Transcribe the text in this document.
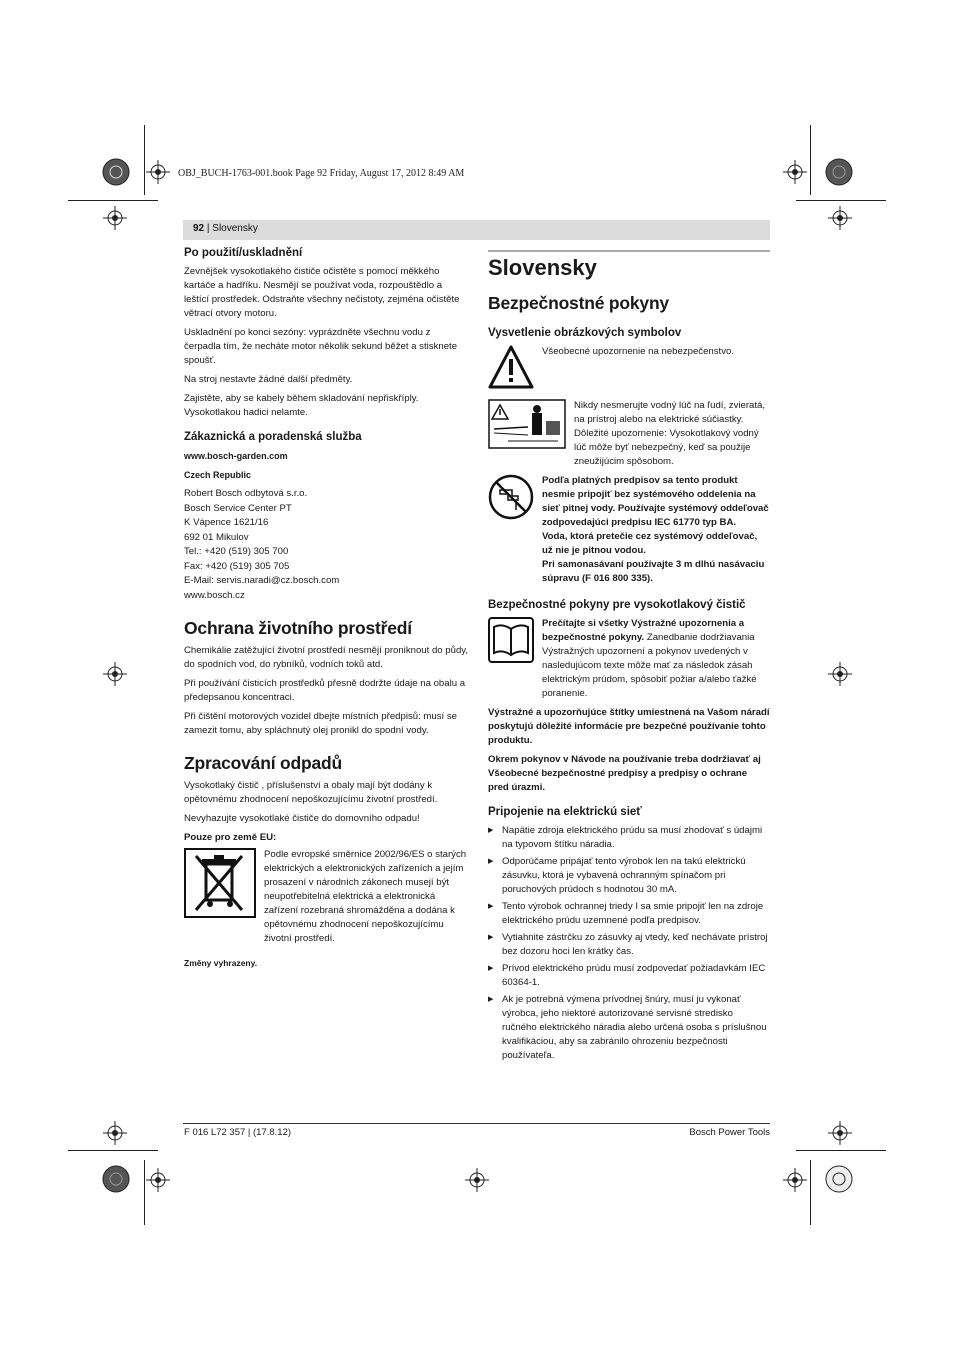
OBJ_BUCH-1763-001.book Page 92 Friday, August 17, 2012 8:49 AM
92 | Slovensky
Po použití/uskladnění
Zevnějšek vysokotlakého čističe očistěte s pomocí měkkého kartáče a hadříku. Nesmějí se používat voda, rozpouštědlo a leštící prostředek. Odstraňte všechny nečistoty, zejména očistěte větrací otvory motoru.
Uskladnění po konci sezóny: vyprázdněte všechnu vodu z čerpadla tím, že necháte motor několik sekund běžet a stisknete spoušť.
Na stroj nestavte žádné další předměty.
Zajistěte, aby se kabely během skladování nepřiskříply. Vysokotlakou hadici nelamte.
Zákaznická a poradenská služba
www.bosch-garden.com
Czech Republic
Robert Bosch odbytová s.r.o.
Bosch Service Center PT
K Vápence 1621/16
692 01 Mikulov
Tel.: +420 (519) 305 700
Fax: +420 (519) 305 705
E-Mail: servis.naradi@cz.bosch.com
www.bosch.cz
Ochrana životního prostředí
Chemikálie zatěžující životní prostředí nesmějí proniknout do půdy, do spodních vod, do rybníků, vodních toků atd.
Při používání čisticích prostředků přesně dodržte údaje na obalu a předepsanou koncentraci.
Při čištění motorových vozidel dbejte místních předpisů: musí se zamezit tomu, aby spláchnutý olej pronikl do spodní vody.
Zpracování odpadů
Vysokotlaký čistič , příslušenství a obaly mají být dodány k opětovnému zhodnocení nepoškozujícímu životní prostředí.
Nevyhazujte vysokotlaké čističe do domovního odpadu!
Pouze pro země EU:
Podle evropské směrnice 2002/96/ES o starých elektrických a elektronických zařízeních a jejím prosazení v národních zákonech musejí být neupotřebitelná elektrická a elektronická zařízení rozebraná shromážděna a dodána k opětovnému zhodnocení nepoškozujícímu životní prostředí.
Změny vyhrazeny.
Slovensky
Bezpečnostné pokyny
Vysvetlenie obrázkových symbolov
Všeobecné upozornenie na nebezpečenstvo.
Nikdy nesmerujte vodný lúč na ľudí, zvieratá, na prístroj alebo na elektrické súčiastky.
Dôležité upozornenie: Vysokotlakový vodný lúč môže byť nebezpečný, keď sa použije zneužijúcim spôsobom.
Podľa platných predpisov sa tento produkt nesmie pripojiť bez systémového oddelenia na sieť pitnej vody. Používajte systémový oddeľovač zodpovedajúci predpisu IEC 61770 typ BA.
Voda, ktorá pretečie cez systémový oddeľovač, už nie je pitnou vodou.
Pri samonasávaní používajte 3 m dlhú nasávaciu súpravu (F 016 800 335).
Bezpečnostné pokyny pre vysokotlakový čistič
Prečítajte si všetky Výstražné upozornenia a bezpečnostné pokyny. Zanedbanie dodržiavania Výstražných upozornení a pokynov uvedených v nasledujúcom texte môže mať za následok zásah elektrickým prúdom, spôsobiť požiar a/alebo ťažké poranenie.
Výstražné a upozorňujúce štítky umiestnená na Vašom náradí poskytujú dôležité informácie pre bezpečné používanie tohto produktu.
Okrem pokynov v Návode na používanie treba dodržiavať aj Všeobecné bezpečnostné predpisy a predpisy o ochrane pred úrazmi.
Pripojenie na elektrickú sieť
▶ Napätie zdroja elektrického prúdu sa musí zhodovať s údajmi na typovom štítku náradia.
▶ Odporúčame pripájať tento výrobok len na takú elektrickú zásuvku, ktorá je vybavená ochranným spínačom pri poruchových prúdoch s hodnotou 30 mA.
▶ Tento výrobok ochrannej triedy I sa smie pripojiť len na zdroje elektrického prúdu uzemnené podľa predpisov.
▶ Vytiahnite zástrčku zo zásuvky aj vtedy, keď nechávate prístroj bez dozoru hoci len krátky čas.
▶ Prívod elektrického prúdu musí zodpovedať požiadavkám IEC 60364-1.
▶ Ak je potrebná výmena prívodnej šnúry, musí ju vykonať výrobca, jeho niektoré autorizované servisné stredisko ručného elektrického náradia alebo určená osoba s príslušnou kvalifikáciou, aby sa zabránilo ohrozeniu bezpečnosti používateľa.
F 016 L72 357 | (17.8.12)	Bosch Power Tools
